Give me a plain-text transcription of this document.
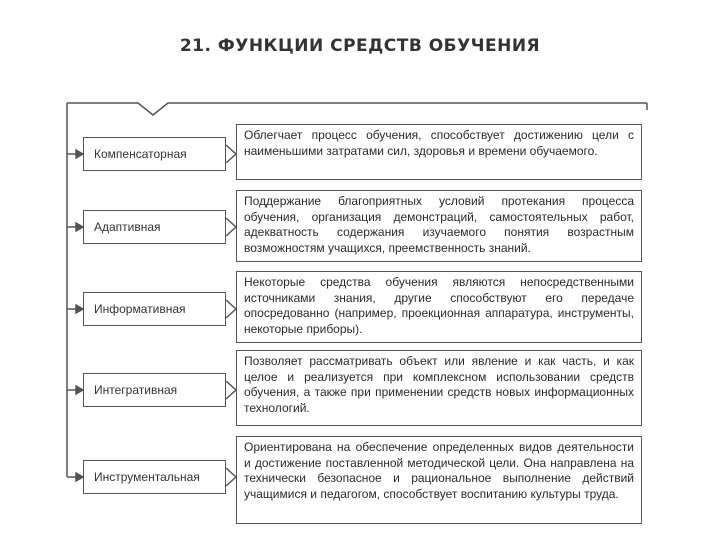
21. ФУНКЦИИ СРЕДСТВ ОБУЧЕНИЯ
Компенсаторная
Адаптивная
Информативная
Интегративная
Инструментальная
Облегчает процесс обучения, способствует достижению цели с наименьшими затратами сил, здоровья и времени обучаемого.
Поддержание благоприятных условий протекания процесса обучения, организация демонстраций, самостоятельных работ, адекватность содержания изучаемого понятия возрастным возможностям учащихся, преемственность знаний.
Некоторые средства обучения являются непосредственными источниками знания, другие способствуют его передаче опосредованно (например, проекционная аппаратура, инструменты, некоторые приборы).
Позволяет рассматривать объект или явление и как часть, и как целое и реализуется при комплексном использовании средств обучения, а также при применении средств новых информационных технологий.
Ориентирована на обеспечение определенных видов деятельности и достижение поставленной методической цели. Она направлена на технически безопасное и рациональное выполнение действий учащимися и педагогом, способствует воспитанию культуры труда.
